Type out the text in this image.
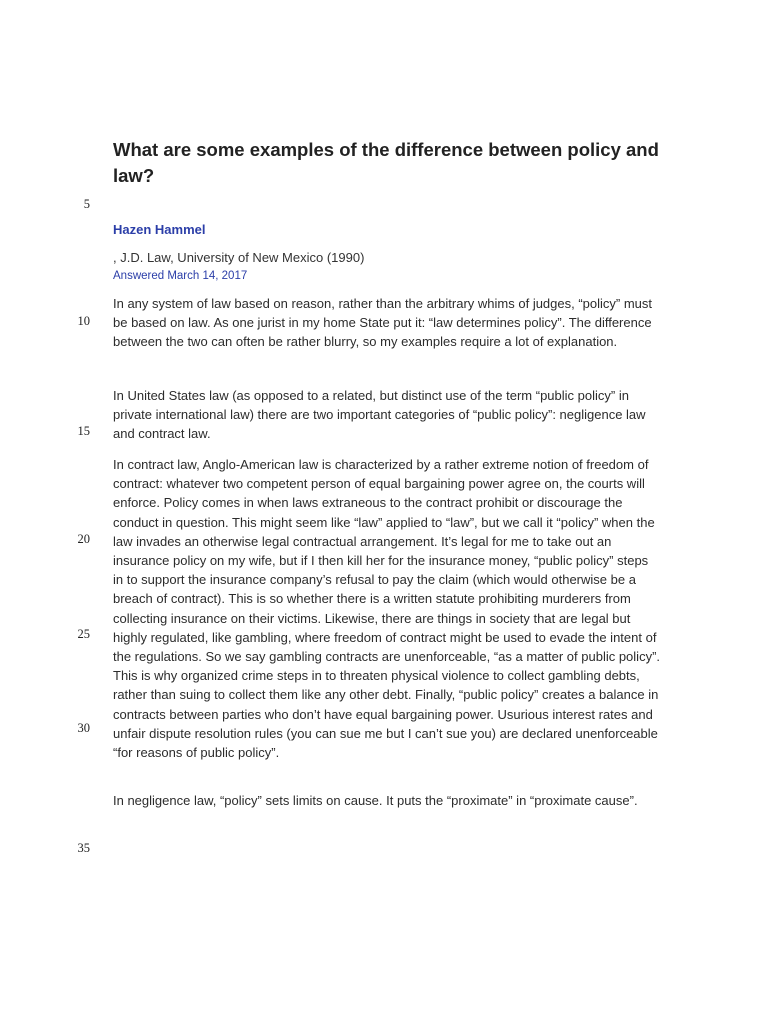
What are some examples of the difference between policy and law?
5

Hazen Hammel

, J.D. Law, University of New Mexico (1990)

Answered March 14, 2017

In any system of law based on reason, rather than the arbitrary whims of judges, “policy” must be based on law. As one jurist in my home State put it: “law determines policy”. The difference between the two can often be rather blurry, so my examples require a lot of explanation.

10

In United States law (as opposed to a related, but distinct use of the term “public policy” in private international law) there are two important categories of “public policy”: negligence law and contract law.

15

In contract law, Anglo-American law is characterized by a rather extreme notion of freedom of contract: whatever two competent person of equal bargaining power agree on, the courts will enforce. Policy comes in when laws extraneous to the contract prohibit or discourage the conduct in question. This might seem like “law” applied to “law”, but we call it “policy” when the law invades an otherwise legal contractual arrangement. It’s legal for me to take out an insurance policy on my wife, but if I then kill her for the insurance money, “public policy” steps in to support the insurance company’s refusal to pay the claim (which would otherwise be a breach of contract). This is so whether there is a written statute prohibiting murderers from collecting insurance on their victims. Likewise, there are things in society that are legal but highly regulated, like gambling, where freedom of contract might be used to evade the intent of the regulations. So we say gambling contracts are unenforceable, “as a matter of public policy”. This is why organized crime steps in to threaten physical violence to collect gambling debts, rather than suing to collect them like any other debt. Finally, “public policy” creates a balance in contracts between parties who don’t have equal bargaining power. Usurious interest rates and unfair dispute resolution rules (you can sue me but I can’t sue you) are declared unenforceable “for reasons of public policy”.

20
25
30

In negligence law, “policy” sets limits on cause. It puts the “proximate” in “proximate cause”.

35
